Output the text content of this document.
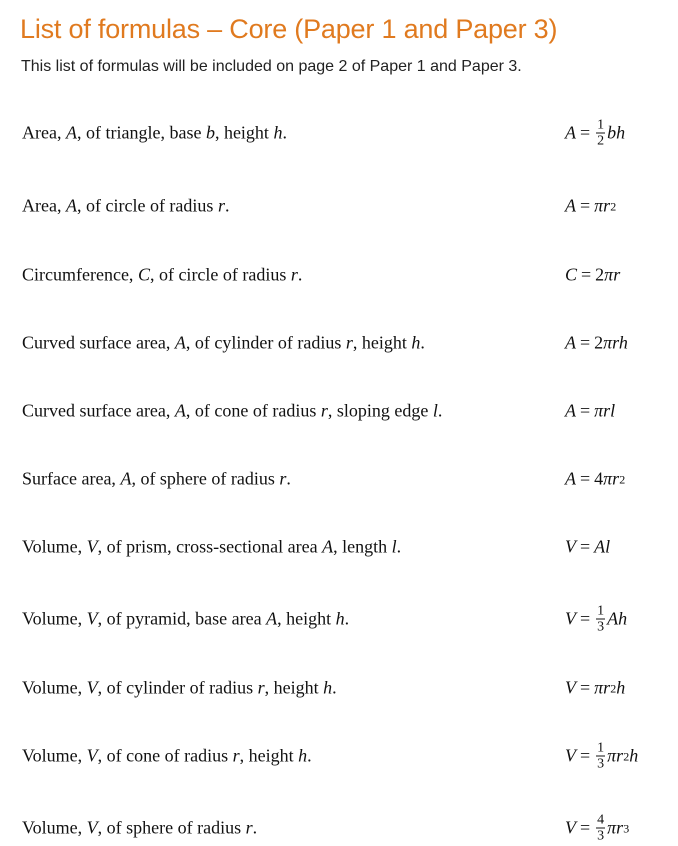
List of formulas – Core (Paper 1 and Paper 3)
This list of formulas will be included on page 2 of Paper 1 and Paper 3.
Area, A, of triangle, base b, height h.	$A = \frac{1}{2}$ bh
Area, A, of circle of radius r.	A = πr 2
Circumference, C, of circle of radius r.	C = 2 πr
Curved surface area, A, of cylinder of radius r, height h.	A = 2 πrh
Curved surface area, A, of cone of radius r, sloping edge l.	A = πrl
Surface area, A, of sphere of radius r.	A = 4 πr 2
Volume, V, of prism, cross-sectional area A, length l.	V = Al
Volume, V, of pyramid, base area A, height h.	$V = \frac{1}{3}$ Ah
Volume, V, of cylinder of radius r, height h.	V = πr 2 h
Volume, V, of cone of radius r, height h.	$V = \frac{1}{3}$ πr 2 h
Volume, V, of sphere of radius r.	$V = \frac{4}{3}$ πr 3
